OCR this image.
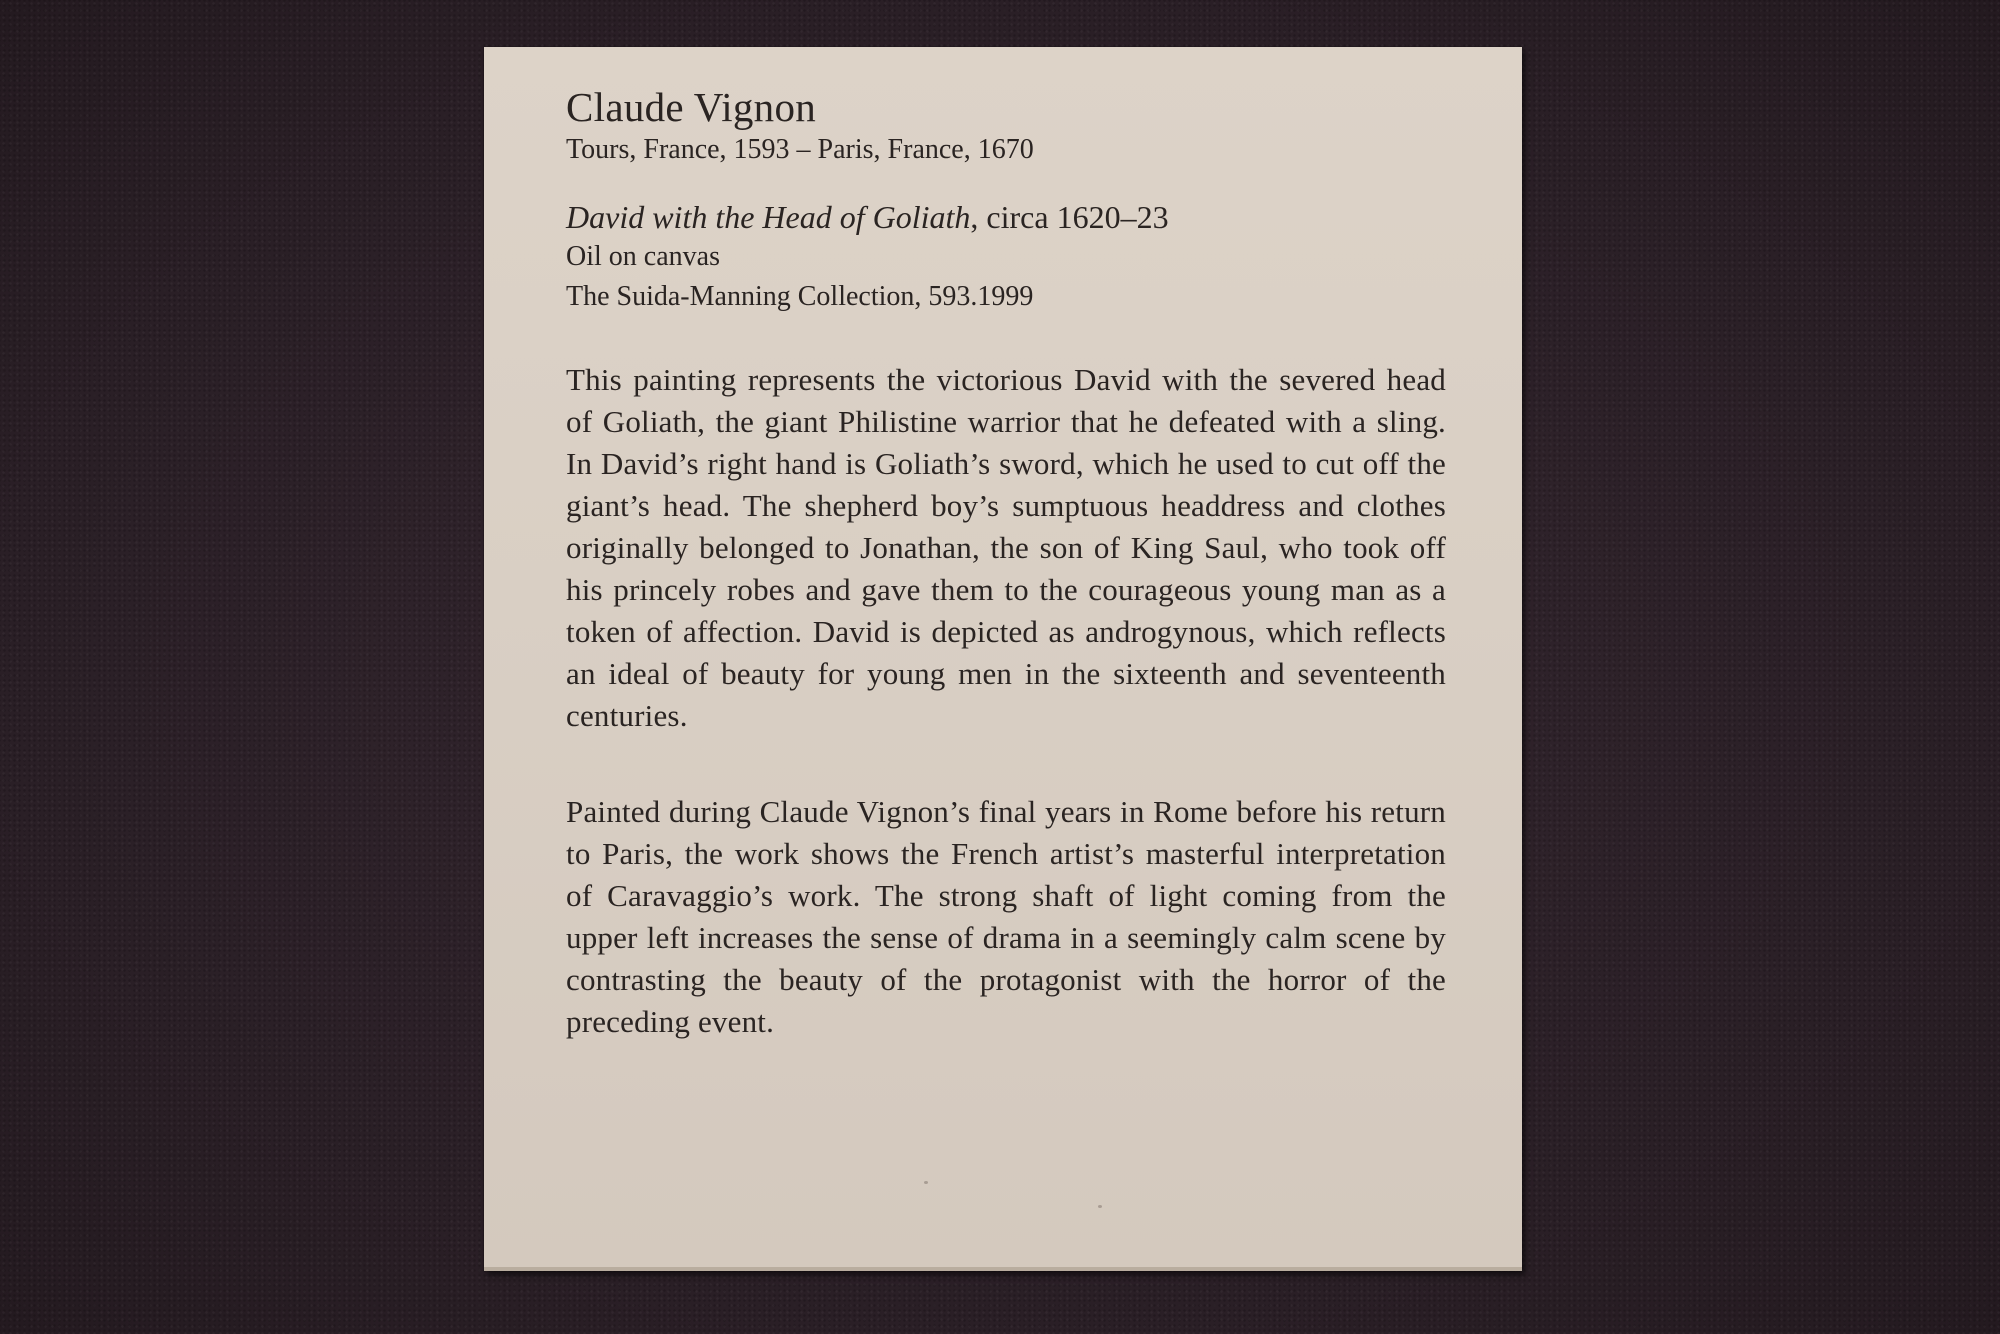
Claude Vignon

Tours, France, 1593 – Paris, France, 1670

David with the Head of Goliath, circa 1620–23

Oil on canvas

The Suida-Manning Collection, 593.1999

This painting represents the victorious David with the severed head of Goliath, the giant Philistine warrior that he defeated with a sling. In David’s right hand is Goliath’s sword, which he used to cut off the giant’s head. The shepherd boy’s sumptuous headdress and clothes originally belonged to Jonathan, the son of King Saul, who took off his princely robes and gave them to the courageous young man as a token of affection. David is depicted as androgynous, which reflects an ideal of beauty for young men in the sixteenth and seventeenth centuries.

Painted during Claude Vignon’s final years in Rome before his return to Paris, the work shows the French artist’s masterful interpretation of Caravaggio’s work. The strong shaft of light coming from the upper left increases the sense of drama in a seemingly calm scene by contrasting the beauty of the protagonist with the horror of the preceding event.
